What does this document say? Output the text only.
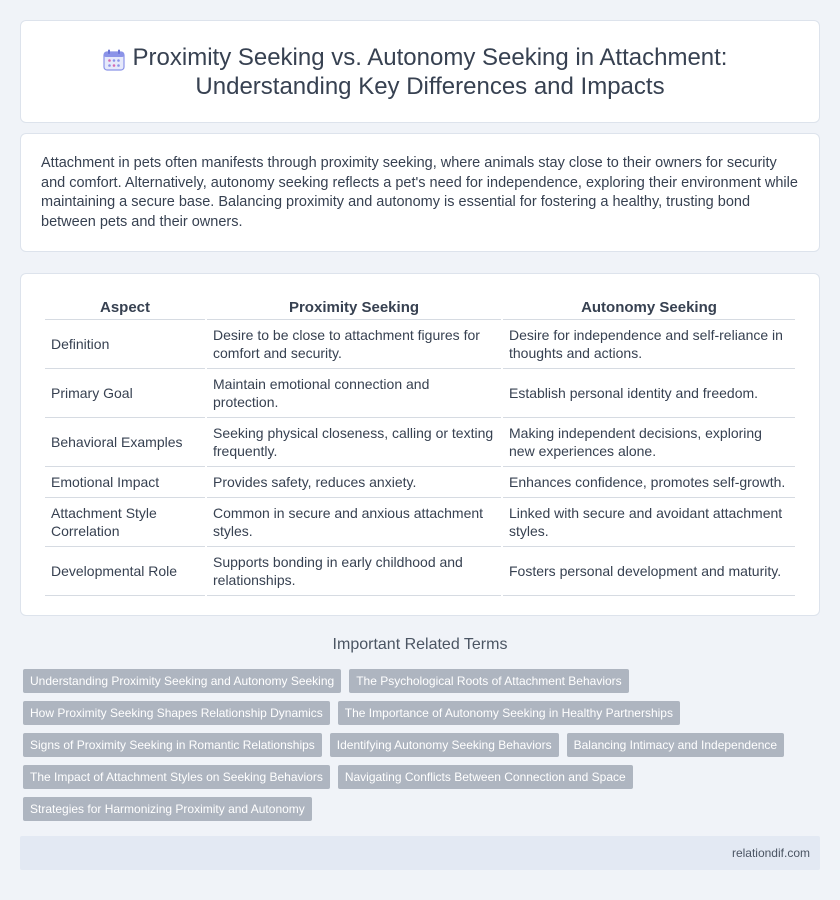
Proximity Seeking vs. Autonomy Seeking in Attachment: Understanding Key Differences and Impacts

Attachment in pets often manifests through proximity seeking, where animals stay close to their owners for security and comfort. Alternatively, autonomy seeking reflects a pet's need for independence, exploring their environment while maintaining a secure base. Balancing proximity and autonomy is essential for fostering a healthy, trusting bond between pets and their owners.

Aspect	Proximity Seeking	Autonomy Seeking
Definition	Desire to be close to attachment figures for comfort and security.	Desire for independence and self-reliance in thoughts and actions.
Primary Goal	Maintain emotional connection and protection.	Establish personal identity and freedom.
Behavioral Examples	Seeking physical closeness, calling or texting frequently.	Making independent decisions, exploring new experiences alone.
Emotional Impact	Provides safety, reduces anxiety.	Enhances confidence, promotes self-growth.
Attachment Style Correlation	Common in secure and anxious attachment styles.	Linked with secure and avoidant attachment styles.
Developmental Role	Supports bonding in early childhood and relationships.	Fosters personal development and maturity.
Important Related Terms
Understanding Proximity Seeking and Autonomy Seeking	The Psychological Roots of Attachment Behaviors
How Proximity Seeking Shapes Relationship Dynamics	The Importance of Autonomy Seeking in Healthy Partnerships
Signs of Proximity Seeking in Romantic Relationships	Identifying Autonomy Seeking Behaviors	Balancing Intimacy and Independence
The Impact of Attachment Styles on Seeking Behaviors	Navigating Conflicts Between Connection and Space
Strategies for Harmonizing Proximity and Autonomy
relationdif.com
